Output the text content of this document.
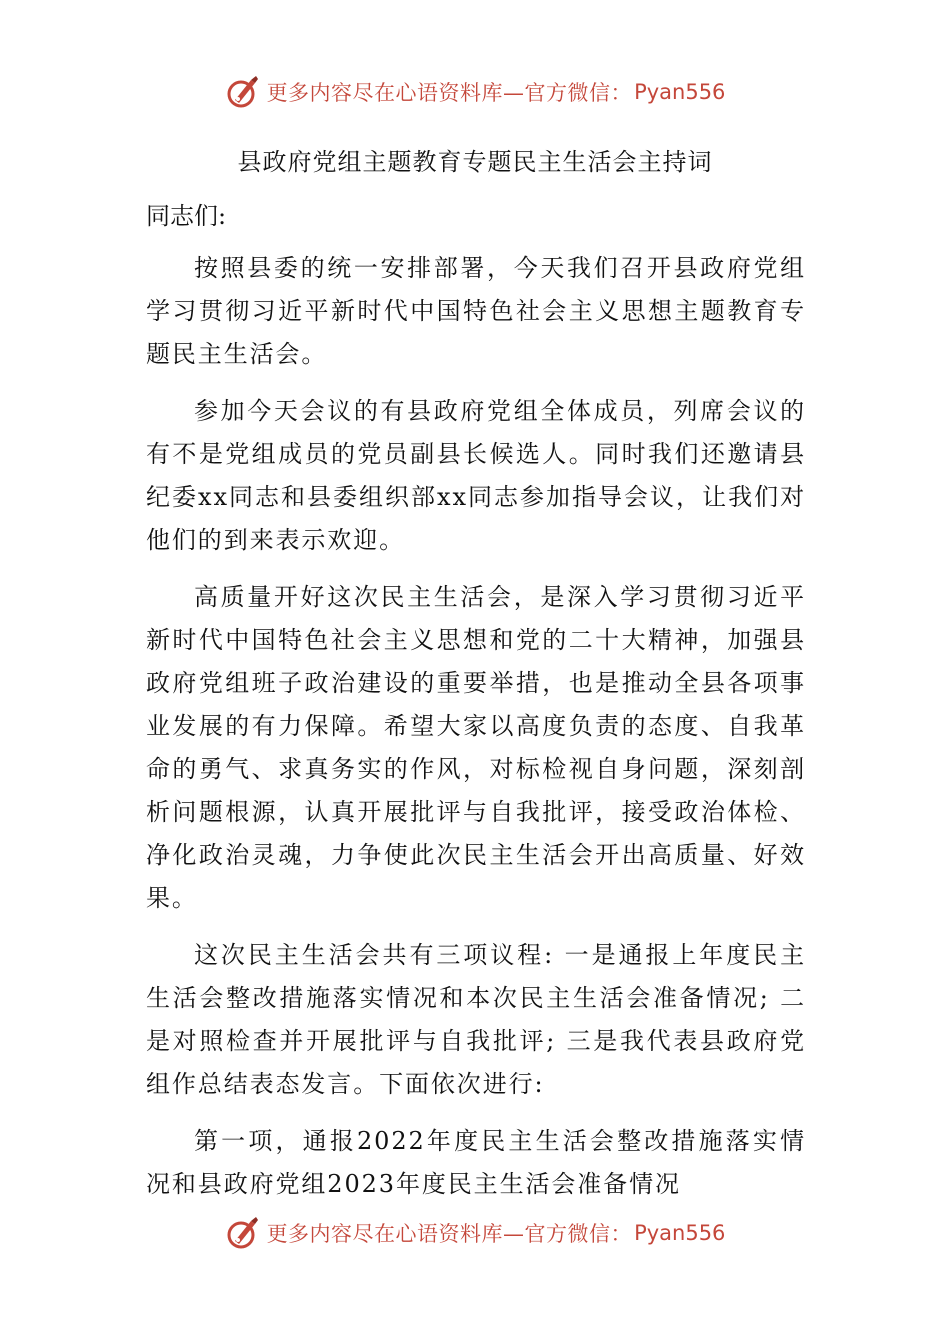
更多内容尽在心语资料库—官方微信： Pyan556
县政府党组主题教育专题民主生活会主持词

同志们:

按照县委的统一安排部署，今天我们召开县政府党组学习贯彻习近平新时代中国特色社会主义思想主题教育专题民主生活会。

参加今天会议的有县政府党组全体成员，列席会议的有不是党组成员的党员副县长候选人。同时我们还邀请县纪委xx同志和县委组织部xx同志参加指导会议，让我们对他们的到来表示欢迎。

高质量开好这次民主生活会，是深入学习贯彻习近平新时代中国特色社会主义思想和党的二十大精神，加强县政府党组班子政治建设的重要举措，也是推动全县各项事业发展的有力保障。希望大家以高度负责的态度、自我革命的勇气、求真务实的作风，对标检视自身问题，深刻剖析问题根源，认真开展批评与自我批评，接受政治体检、净化政治灵魂，力争使此次民主生活会开出高质量、好效果。

这次民主生活会共有三项议程: 一是通报上年度民主生活会整改措施落实情况和本次民主生活会准备情况; 二是对照检查并开展批评与自我批评; 三是我代表县政府党组作总结表态发言。下面依次进行:

第一项，通报2022年度民主生活会整改措施落实情况和县政府党组2023年度民主生活会准备情况

更多内容尽在心语资料库—官方微信： Pyan556
